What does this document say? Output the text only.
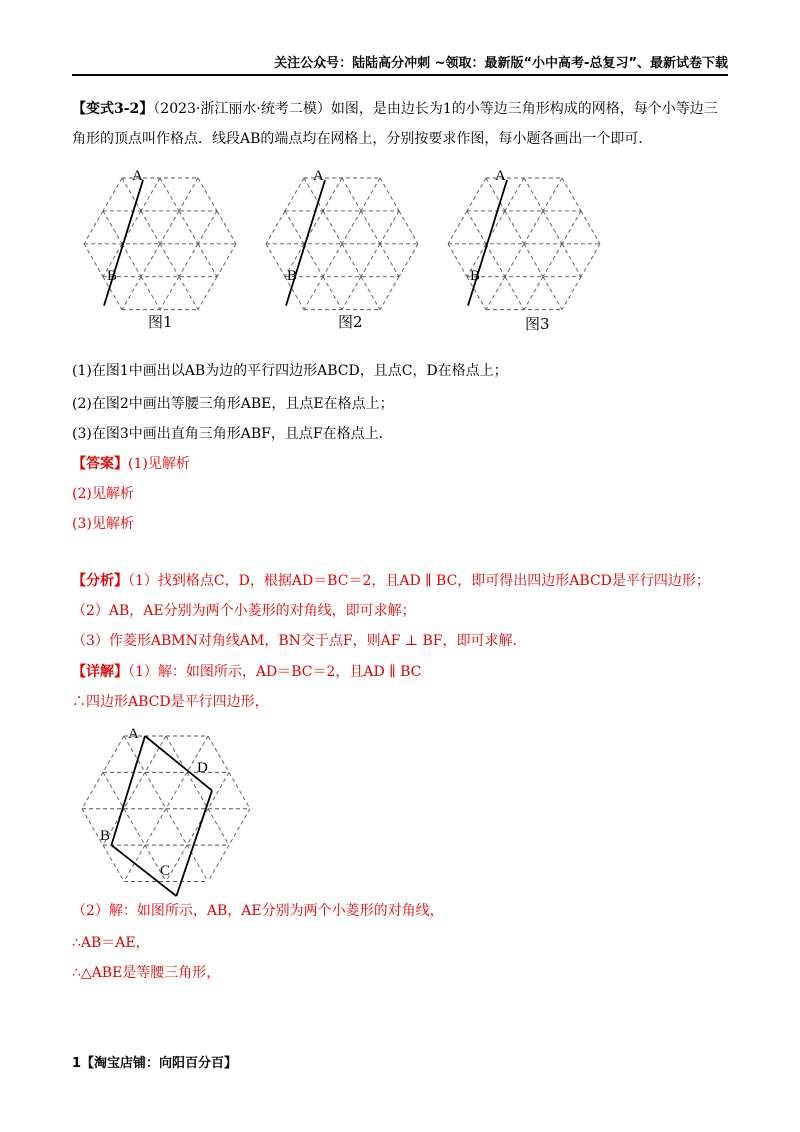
关注公众号：陆陆高分冲刺 ~领取：最新版“小中高考-总复习”、最新试卷下载
【变式3-2】（2023·浙江丽水·统考二模）如图，是由边长为1的小等边三角形构成的网格，每个小等边三
角形的顶点叫作格点．线段AB的端点均在网格上，分别按要求作图，每小题各画出一个即可．
A
B
A
B
A
B
图1	图2	图3
(1)在图1中画出以AB为边的平行四边形ABCD，且点C，D在格点上；
(2)在图2中画出等腰三角形ABE，且点E在格点上；
(3)在图3中画出直角三角形ABF，且点F在格点上．
【答案】(1)见解析
(2)见解析
(3)见解析
【分析】（1）找到格点C，D，根据AD＝BC＝2，且AD ∥ BC，即可得出四边形ABCD是平行四边形；
（2）AB，AE分别为两个小菱形的对角线，即可求解；
（3）作菱形ABMN对角线AM，BN交于点F，则AF ⊥ BF，即可求解．
【详解】（1）解：如图所示，AD＝BC＝2，且AD ∥ BC
∴四边形ABCD是平行四边形，
A
D
B
C
（2）解：如图所示，AB，AE分别为两个小菱形的对角线，
∴AB＝AE，
∴△ABE是等腰三角形，
1【淘宝店铺：向阳百分百】
